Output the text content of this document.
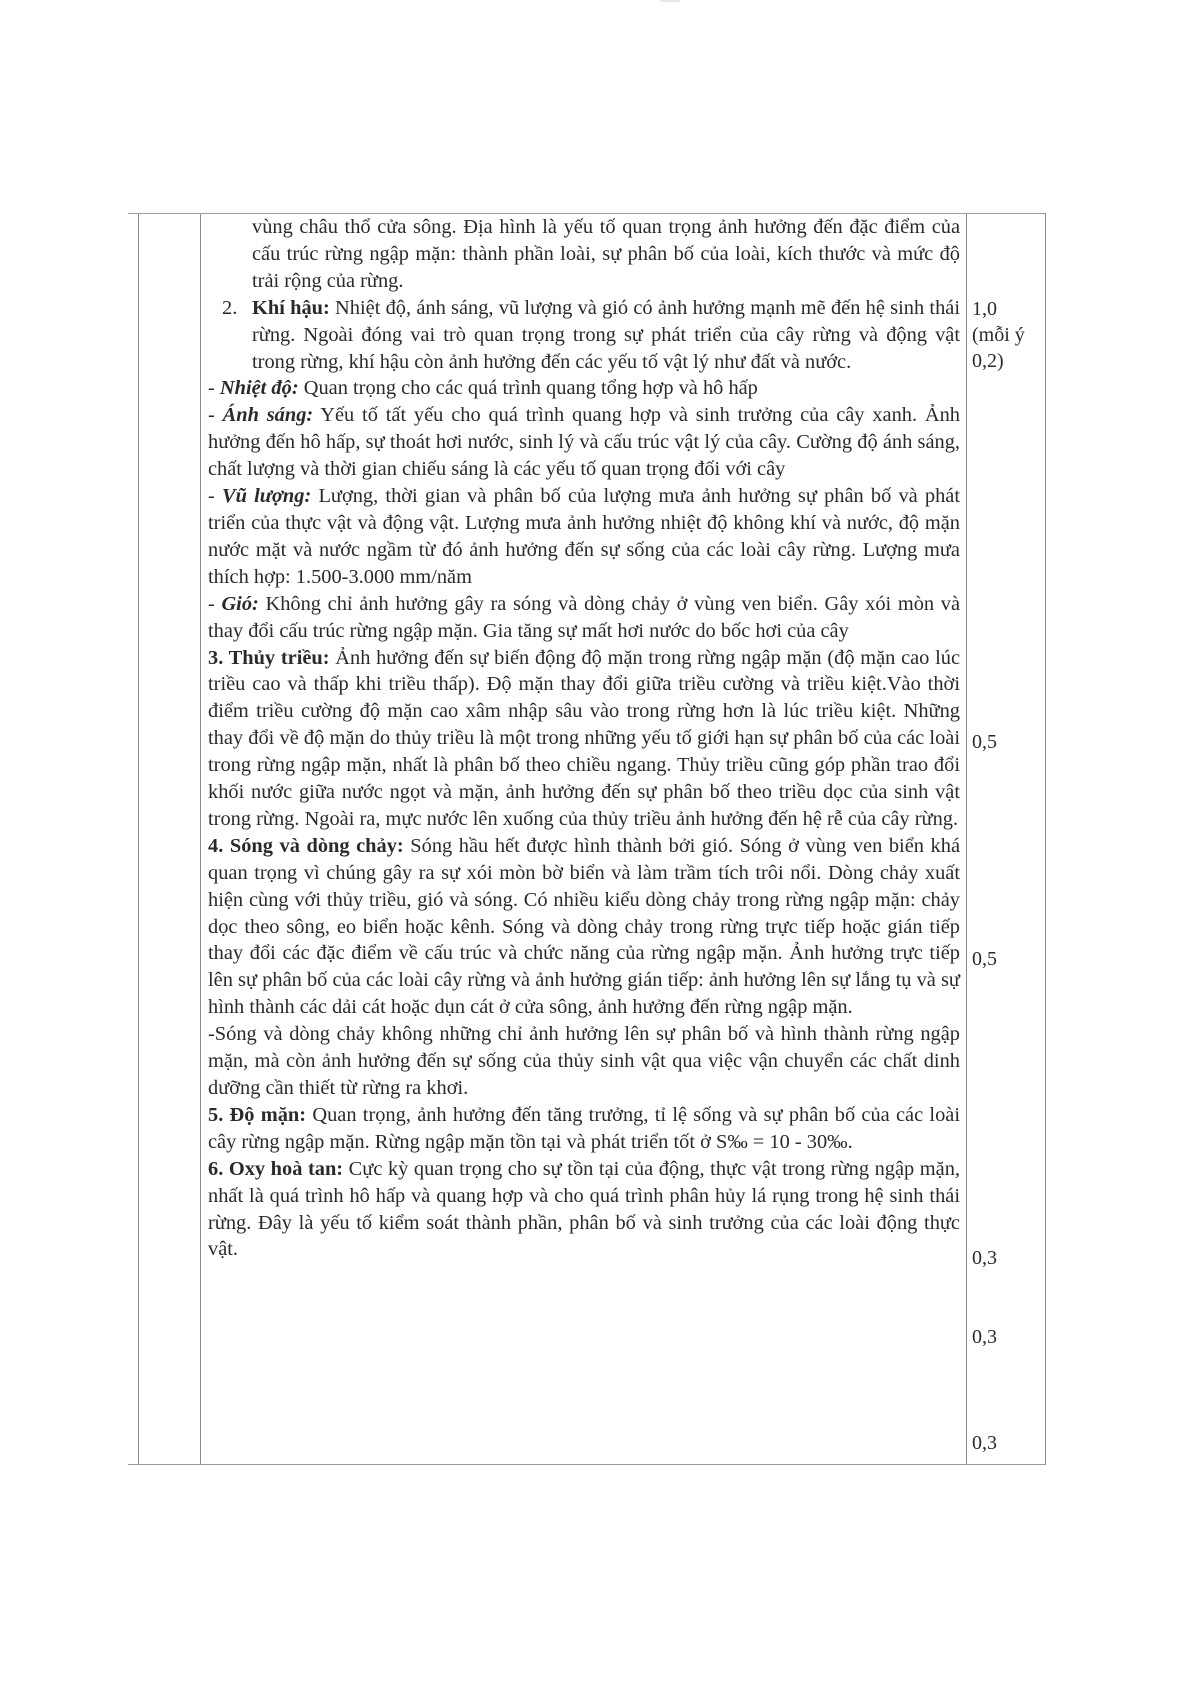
vùng châu thổ cửa sông. Địa hình là yếu tố quan trọng ảnh hưởng đến đặc điểm của cấu trúc rừng ngập mặn: thành phần loài, sự phân bố của loài, kích thước và mức độ trải rộng của rừng.

2. Khí hậu: Nhiệt độ, ánh sáng, vũ lượng và gió có ảnh hưởng mạnh mẽ đến hệ sinh thái rừng. Ngoài đóng vai trò quan trọng trong sự phát triển của cây rừng và động vật trong rừng, khí hậu còn ảnh hưởng đến các yếu tố vật lý như đất và nước.

- Nhiệt độ: Quan trọng cho các quá trình quang tổng hợp và hô hấp

- Ánh sáng: Yếu tố tất yếu cho quá trình quang hợp và sinh trưởng của cây xanh. Ảnh hưởng đến hô hấp, sự thoát hơi nước, sinh lý và cấu trúc vật lý của cây. Cường độ ánh sáng, chất lượng và thời gian chiếu sáng là các yếu tố quan trọng đối với cây

- Vũ lượng: Lượng, thời gian và phân bố của lượng mưa ảnh hưởng sự phân bố và phát triển của thực vật và động vật. Lượng mưa ảnh hưởng nhiệt độ không khí và nước, độ mặn nước mặt và nước ngầm từ đó ảnh hưởng đến sự sống của các loài cây rừng. Lượng mưa thích hợp: 1.500-3.000 mm/năm

- Gió: Không chỉ ảnh hưởng gây ra sóng và dòng chảy ở vùng ven biển. Gây xói mòn và thay đổi cấu trúc rừng ngập mặn. Gia tăng sự mất hơi nước do bốc hơi của cây

3. Thủy triều: Ảnh hưởng đến sự biến động độ mặn trong rừng ngập mặn (độ mặn cao lúc triều cao và thấp khi triều thấp). Độ mặn thay đổi giữa triều cường và triều kiệt.Vào thời điểm triều cường độ mặn cao xâm nhập sâu vào trong rừng hơn là lúc triều kiệt. Những thay đổi về độ mặn do thủy triều là một trong những yếu tố giới hạn sự phân bố của các loài trong rừng ngập mặn, nhất là phân bố theo chiều ngang. Thủy triều cũng góp phần trao đổi khối nước giữa nước ngọt và mặn, ảnh hưởng đến sự phân bố theo triều dọc của sinh vật trong rừng. Ngoài ra, mực nước lên xuống của thủy triều ảnh hưởng đến hệ rễ của cây rừng.

4. Sóng và dòng chảy: Sóng hầu hết được hình thành bởi gió. Sóng ở vùng ven biển khá quan trọng vì chúng gây ra sự xói mòn bờ biển và làm trầm tích trôi nổi. Dòng chảy xuất hiện cùng với thủy triều, gió và sóng. Có nhiều kiểu dòng chảy trong rừng ngập mặn: chảy dọc theo sông, eo biển hoặc kênh. Sóng và dòng chảy trong rừng trực tiếp hoặc gián tiếp thay đổi các đặc điểm về cấu trúc và chức năng của rừng ngập mặn. Ảnh hưởng trực tiếp lên sự phân bố của các loài cây rừng và ảnh hưởng gián tiếp: ảnh hưởng lên sự lắng tụ và sự hình thành các dải cát hoặc dụn cát ở cửa sông, ảnh hưởng đến rừng ngập mặn.

-Sóng và dòng chảy không những chỉ ảnh hưởng lên sự phân bố và hình thành rừng ngập mặn, mà còn ảnh hưởng đến sự sống của thủy sinh vật qua việc vận chuyển các chất dinh dưỡng cần thiết từ rừng ra khơi.

5. Độ mặn: Quan trọng, ảnh hưởng đến tăng trưởng, tỉ lệ sống và sự phân bố của các loài cây rừng ngập mặn. Rừng ngập mặn tồn tại và phát triển tốt ở S‰ = 10 - 30‰.

6. Oxy hoà tan: Cực kỳ quan trọng cho sự tồn tại của động, thực vật trong rừng ngập mặn, nhất là quá trình hô hấp và quang hợp và cho quá trình phân hủy lá rụng trong hệ sinh thái rừng. Đây là yếu tố kiểm soát thành phần, phân bố và sinh trưởng của các loài động thực vật.

1,0
(mỗi ý
0,2)
0,5
0,5
0,3
0,3
0,3
